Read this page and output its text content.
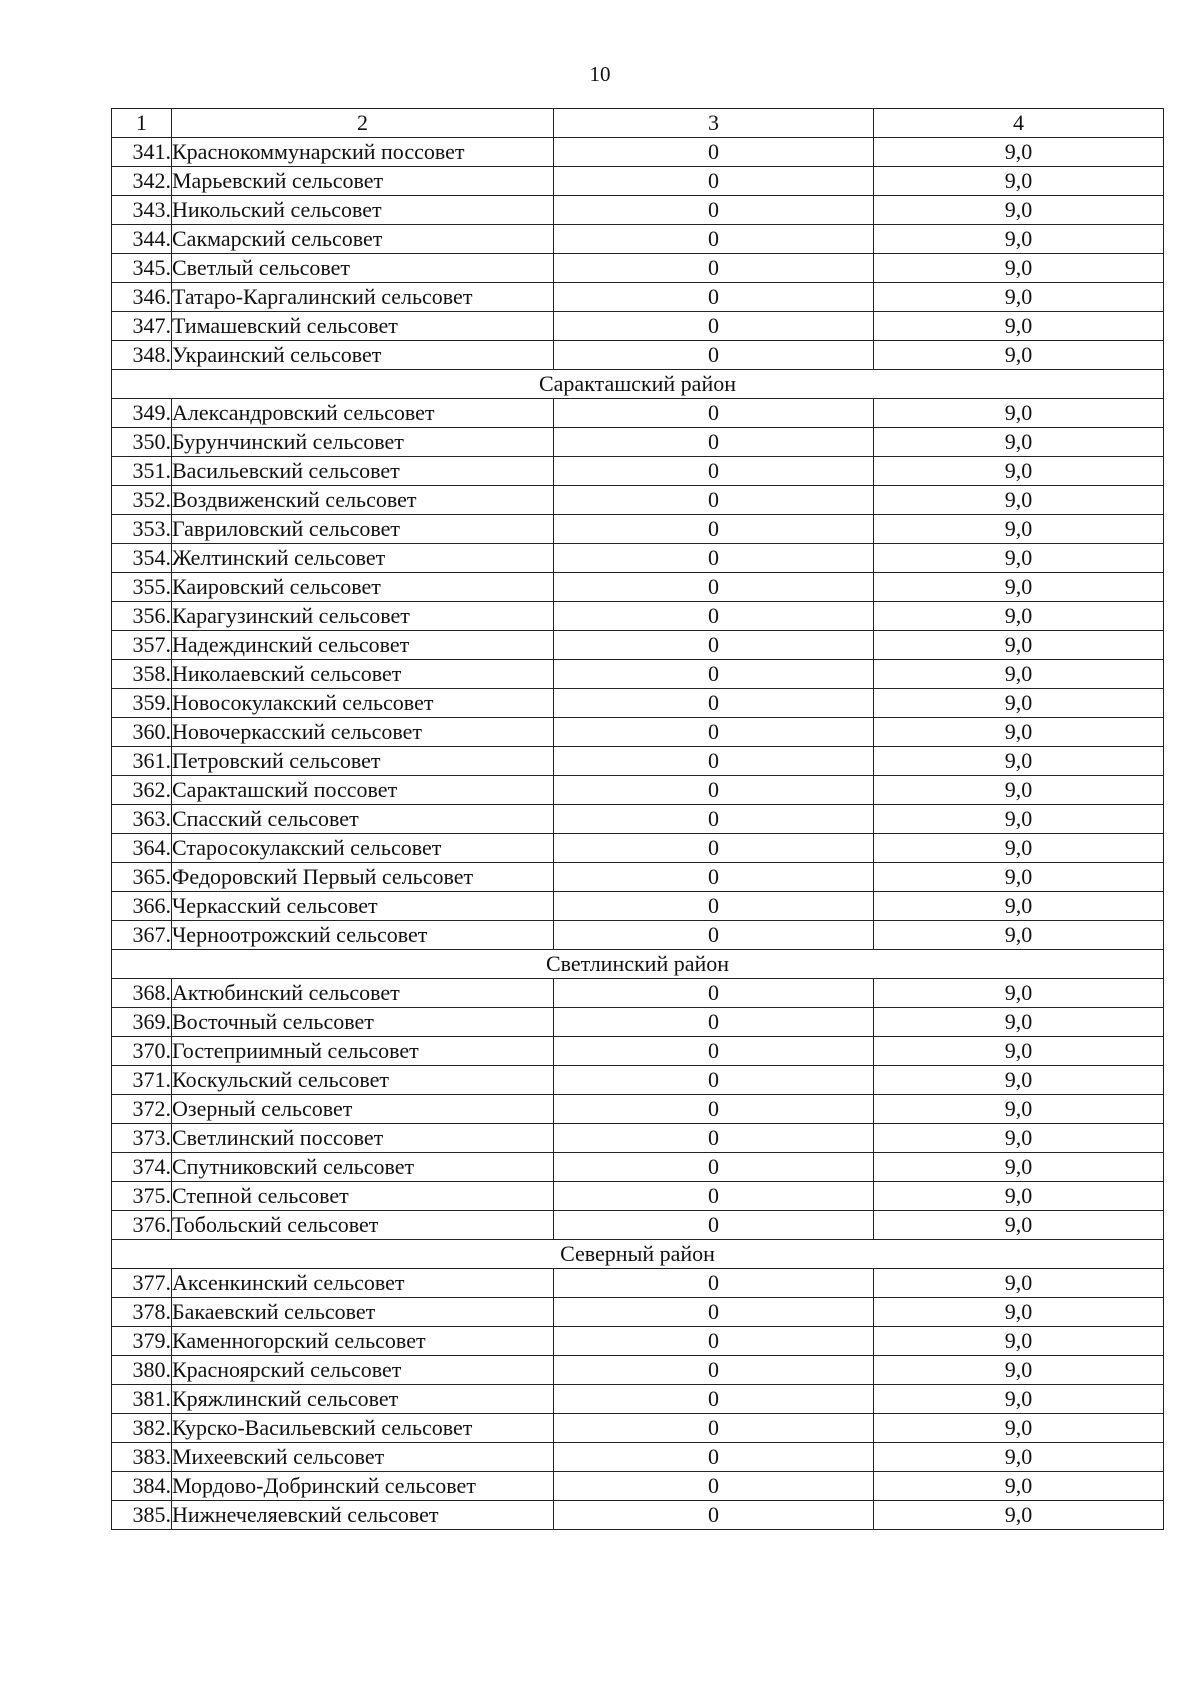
10
1	2	3	4
341.	Краснокоммунарский поссовет	0	9,0
342.	Марьевский сельсовет	0	9,0
343.	Никольский сельсовет	0	9,0
344.	Сакмарский сельсовет	0	9,0
345.	Светлый сельсовет	0	9,0
346.	Татаро-Каргалинский сельсовет	0	9,0
347.	Тимашевский сельсовет	0	9,0
348.	Украинский сельсовет	0	9,0
Саракташский район			
349.	Александровский сельсовет	0	9,0
350.	Бурунчинский сельсовет	0	9,0
351.	Васильевский сельсовет	0	9,0
352.	Воздвиженский сельсовет	0	9,0
353.	Гавриловский сельсовет	0	9,0
354.	Желтинский сельсовет	0	9,0
355.	Каировский сельсовет	0	9,0
356.	Карагузинский сельсовет	0	9,0
357.	Надеждинский сельсовет	0	9,0
358.	Николаевский сельсовет	0	9,0
359.	Новосокулакский сельсовет	0	9,0
360.	Новочеркасский сельсовет	0	9,0
361.	Петровский сельсовет	0	9,0
362.	Саракташский поссовет	0	9,0
363.	Спасский сельсовет	0	9,0
364.	Старосокулакский сельсовет	0	9,0
365.	Федоровский Первый сельсовет	0	9,0
366.	Черкасский сельсовет	0	9,0
367.	Черноотрожский сельсовет	0	9,0
Светлинский район			
368.	Актюбинский сельсовет	0	9,0
369.	Восточный сельсовет	0	9,0
370.	Гостеприимный сельсовет	0	9,0
371.	Коскульский сельсовет	0	9,0
372.	Озерный сельсовет	0	9,0
373.	Светлинский поссовет	0	9,0
374.	Спутниковский сельсовет	0	9,0
375.	Степной сельсовет	0	9,0
376.	Тобольский сельсовет	0	9,0
Северный район			
377.	Аксенкинский сельсовет	0	9,0
378.	Бакаевский сельсовет	0	9,0
379.	Каменногорский сельсовет	0	9,0
380.	Красноярский сельсовет	0	9,0
381.	Кряжлинский сельсовет	0	9,0
382.	Курско-Васильевский сельсовет	0	9,0
383.	Михеевский сельсовет	0	9,0
384.	Мордово-Добринский сельсовет	0	9,0
385.	Нижнечеляевский сельсовет	0	9,0
